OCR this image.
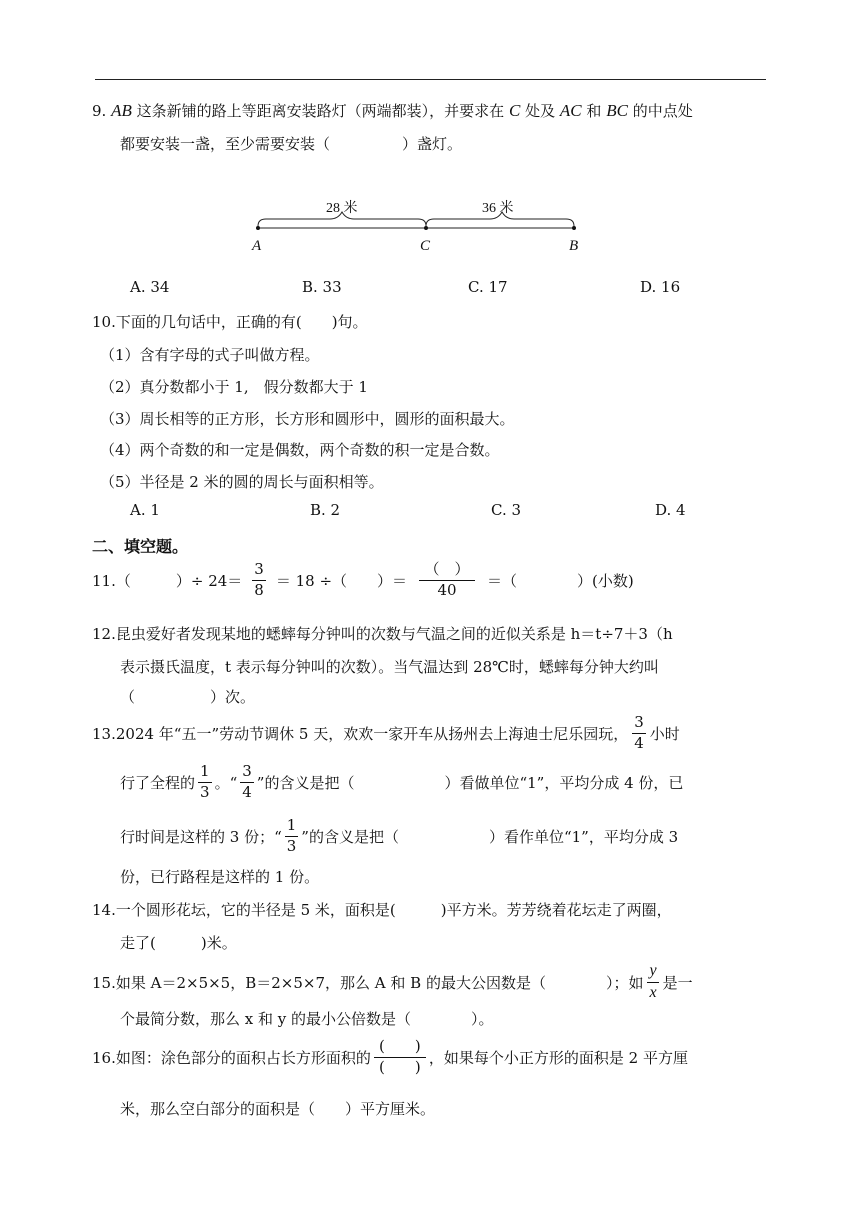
9. AB 这条新铺的路上等距离安装路灯（两端都装），并要求在 C 处及 AC 和 BC 的中点处
都要安装一盏，至少需要安装（	）盏灯。
28 米	36 米
A	C	B
A. 34	B. 33	C. 17	D. 16
10.下面的几句话中，正确的有(　　)句。
（1）含有字母的式子叫做方程。
（2）真分数都小于 1,　假分数都大于 1
（3）周长相等的正方形，长方形和圆形中，圆形的面积最大。
（4）两个奇数的和一定是偶数，两个奇数的积一定是合数。
（5）半径是 2 米的圆的周长与面积相等。
A. 1	B. 2	C. 3	D. 4
二、填空题。
11.（　　　）÷ $24= \frac{3}{8} = 18$ ÷（　　）＝ $\frac{( )}{40}$ ＝（　　　　）(小数)
12.昆虫爱好者发现某地的蟋蟀每分钟叫的次数与气温之间的近似关系是 h＝t÷7＋3（h
表示摄氏温度，t 表示每分钟叫的次数）。当气温达到 28℃时，蟋蟀每分钟大约叫
（　　　　　）次。
13.2024 年“五一”劳动节调休 5 天，欢欢一家开车从扬州去上海迪士尼乐园玩， $\frac{3}{4}$ 小时
行了全程的 $\frac{1}{3}$ 。“ $\frac{3}{4}$ ”的含义是把（　　　　　　）看做单位“1”，平均分成 4 份，已
行时间是这样的 3 份；“ $\frac{1}{3}$ ”的含义是把（　　　　　　）看作单位“1”，平均分成 3
份，已行路程是这样的 1 份。
14.一个圆形花坛，它的半径是 5 米，面积是(　　　)平方米。芳芳绕着花坛走了两圈，
走了(　　　)米。
15.如果 A＝2×5×5，B＝2×5×7，那么 A 和 B 的最大公因数是（　　　　）；如 $\frac{y}{x}$ 是一
个最简分数，那么 x 和 y 的最小公倍数是（　　　　）。
16.如图：涂色部分的面积占长方形面积的 $\frac{( )}{( )}$ ，如果每个小正方形的面积是 2 平方厘
米，那么空白部分的面积是（　　）平方厘米。
